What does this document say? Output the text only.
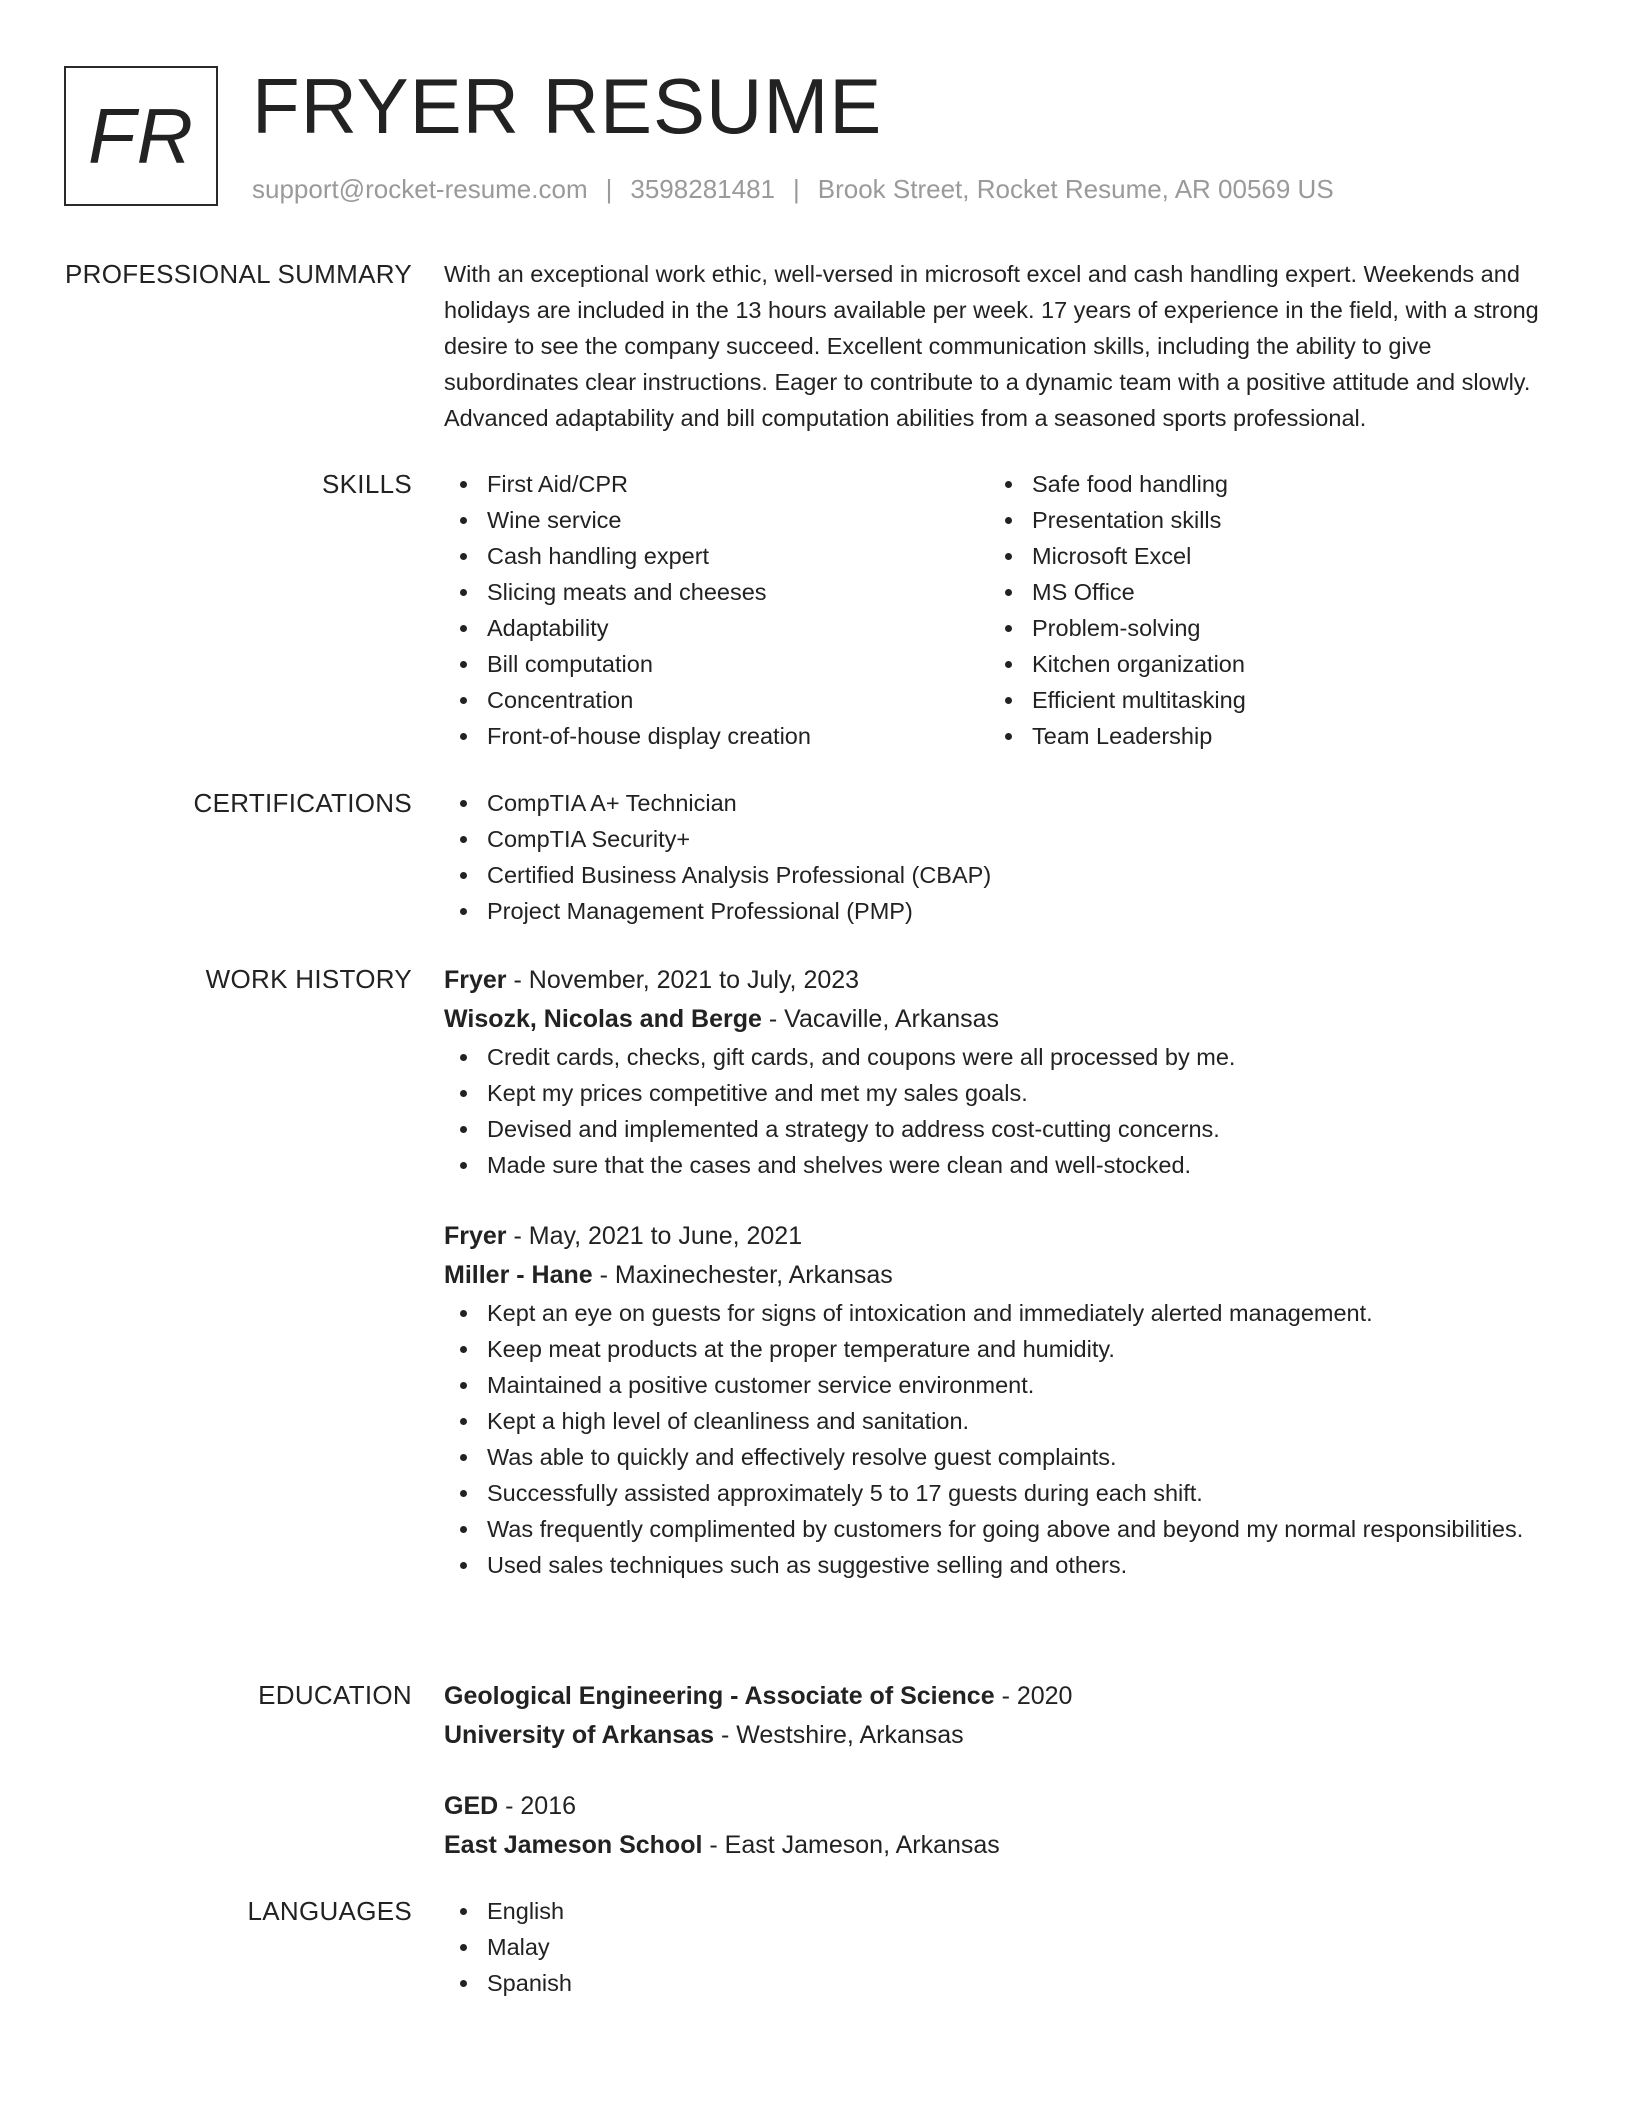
FR FRYER RESUME
support@rocket-resume.com | 3598281481 | Brook Street, Rocket Resume, AR 00569 US
PROFESSIONAL SUMMARY With an exceptional work ethic, well-versed in microsoft excel and cash handling expert. Weekends and holidays are included in the 13 hours available per week. 17 years of experience in the field, with a strong desire to see the company succeed. Excellent communication skills, including the ability to give subordinates clear instructions. Eager to contribute to a dynamic team with a positive attitude and slowly. Advanced adaptability and bill computation abilities from a seasoned sports professional.
SKILLS	First Aid/CPR
Wine service
Cash handling expert
Slicing meats and cheeses
Adaptability
Bill computation
Concentration
Front-of-house display creation
Safe food handling
Presentation skills
Microsoft Excel
MS Office
Problem-solving
Kitchen organization
Efficient multitasking
Team Leadership
CERTIFICATIONS	CompTIA A+ Technician
CompTIA Security+
Certified Business Analysis Professional (CBAP)
Project Management Professional (PMP)
WORK HISTORY Fryer - November, 2021 to July, 2023
Wisozk, Nicolas and Berge - Vacaville, Arkansas
Credit cards, checks, gift cards, and coupons were all processed by me.
Kept my prices competitive and met my sales goals.
Devised and implemented a strategy to address cost-cutting concerns.
Made sure that the cases and shelves were clean and well-stocked.
Fryer - May, 2021 to June, 2021
Miller - Hane - Maxinechester, Arkansas
Kept an eye on guests for signs of intoxication and immediately alerted management.
Keep meat products at the proper temperature and humidity.
Maintained a positive customer service environment.
Kept a high level of cleanliness and sanitation.
Was able to quickly and effectively resolve guest complaints.
Successfully assisted approximately 5 to 17 guests during each shift.
Was frequently complimented by customers for going above and beyond my normal responsibilities.
Used sales techniques such as suggestive selling and others.
EDUCATION Geological Engineering - Associate of Science - 2020
University of Arkansas - Westshire, Arkansas
GED - 2016
East Jameson School - East Jameson, Arkansas
LANGUAGES	English
Malay
Spanish
